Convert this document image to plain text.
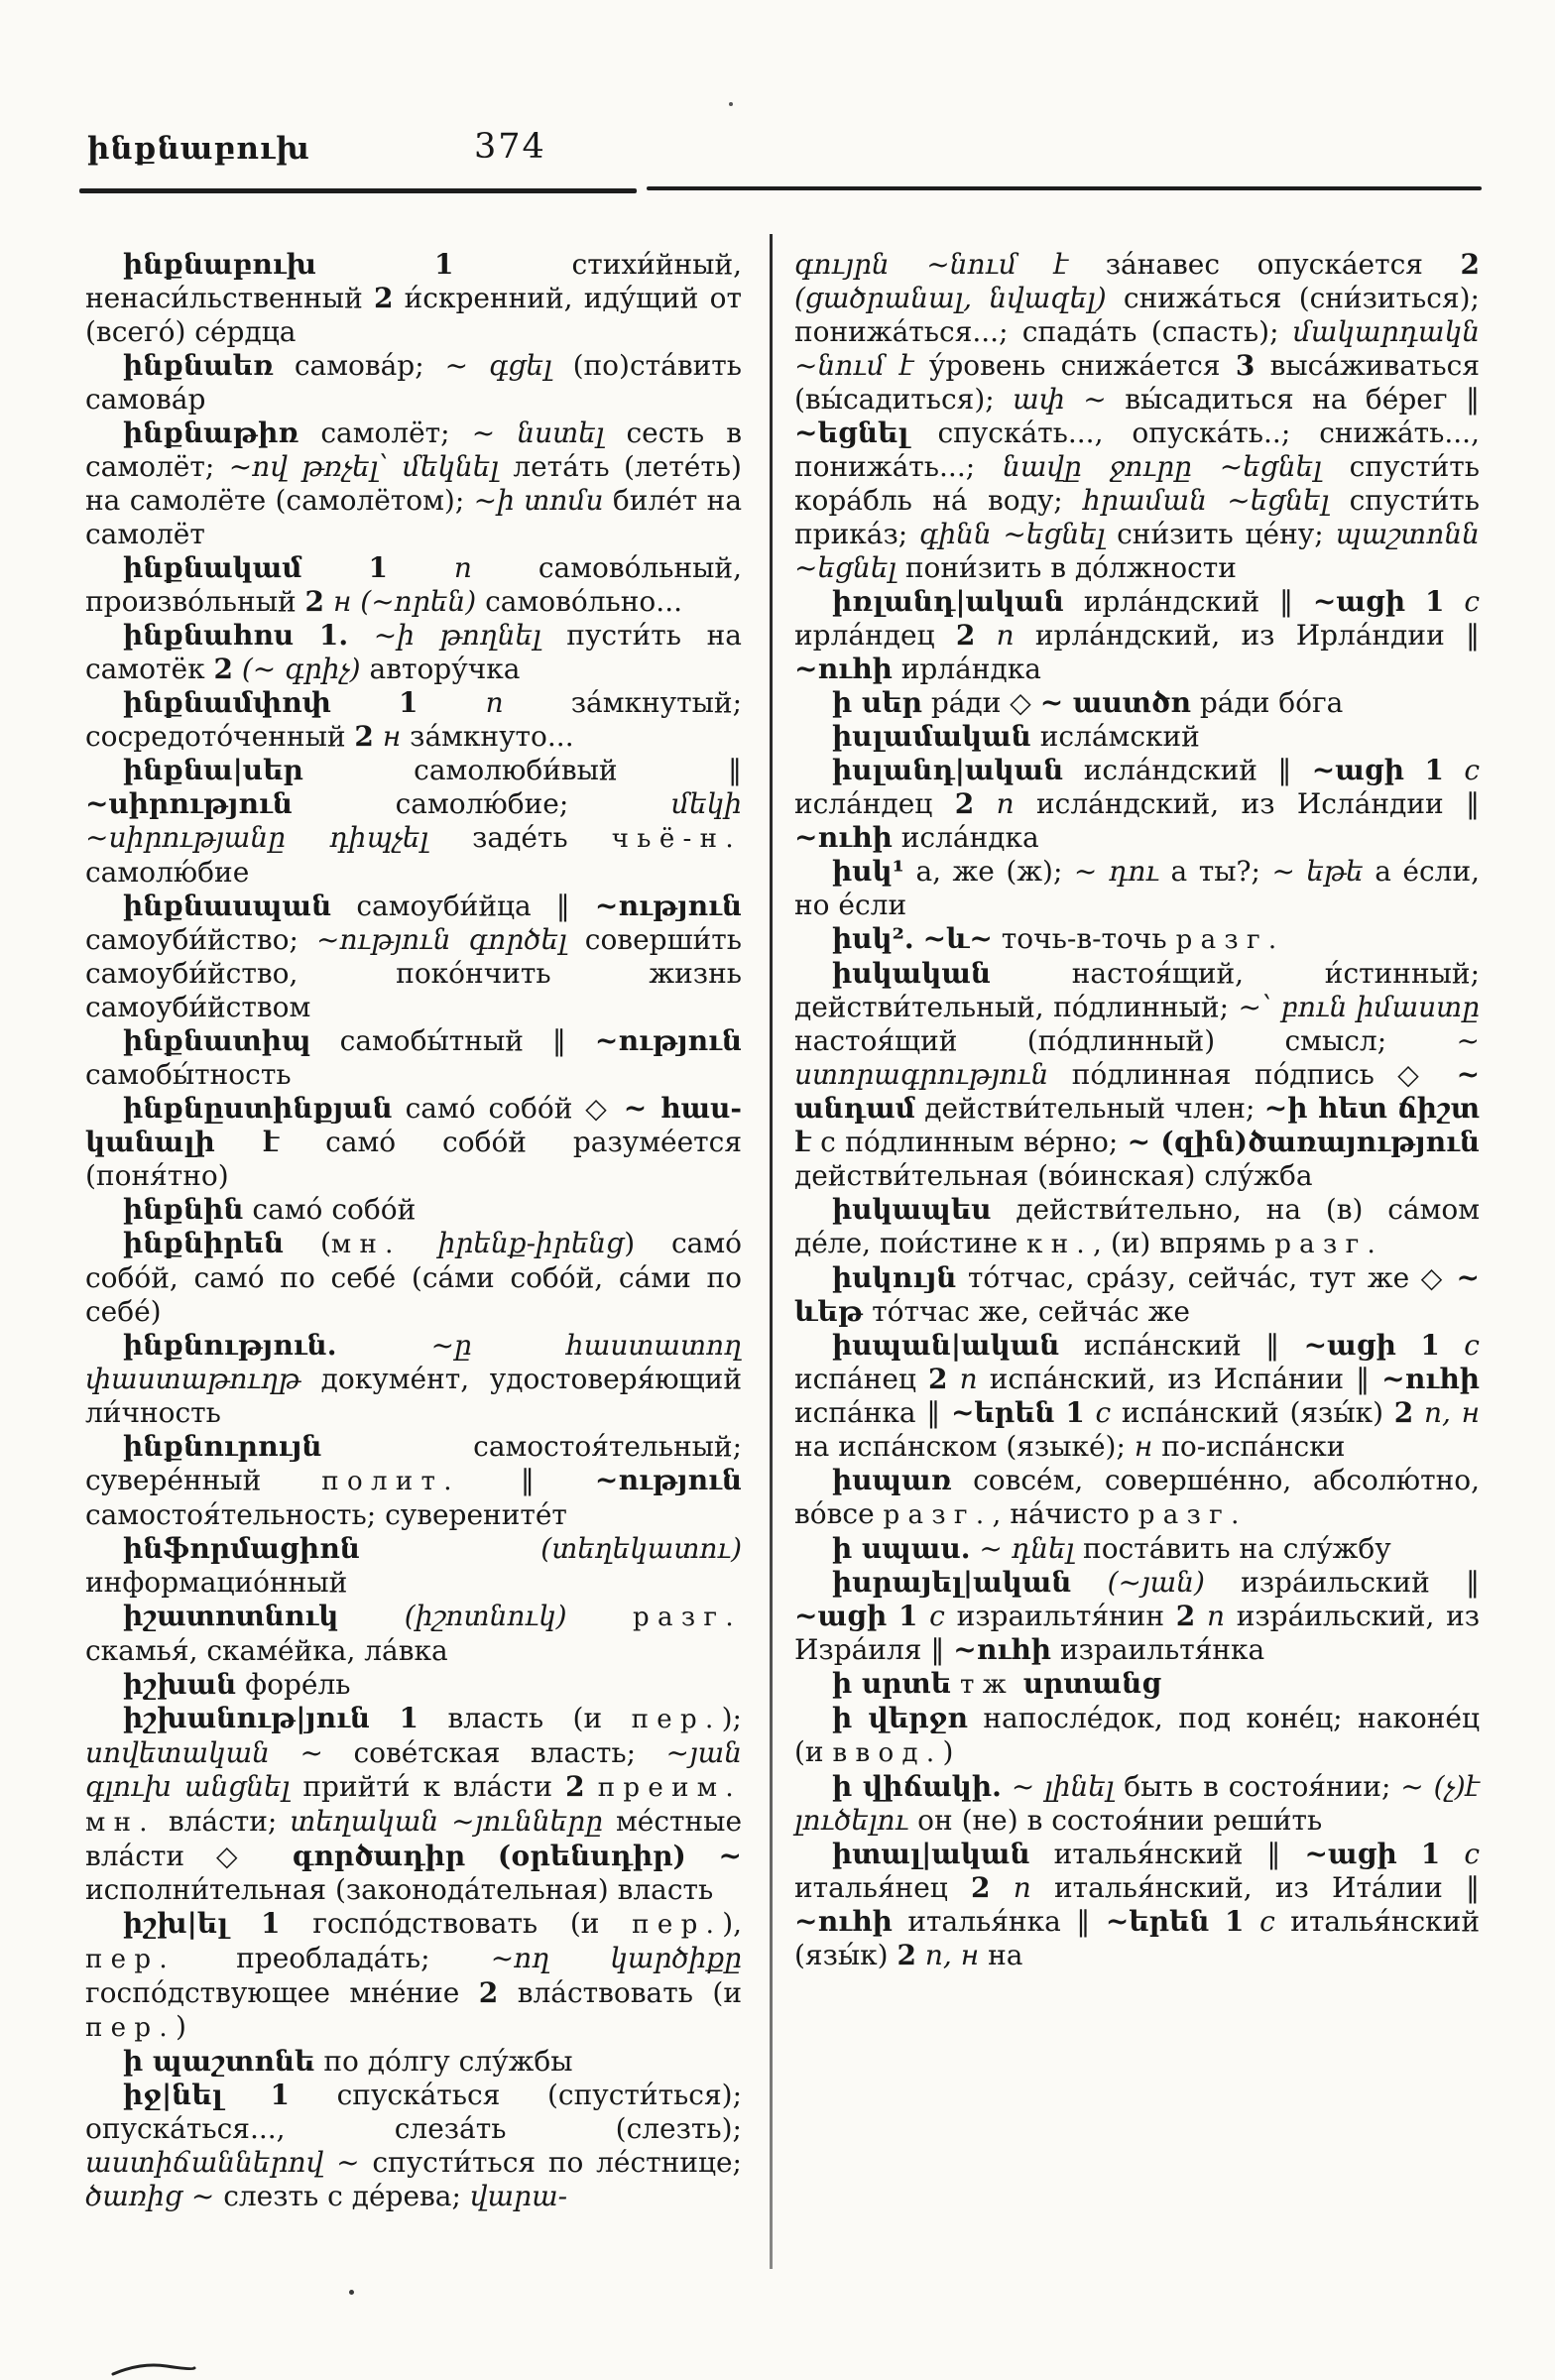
ինքնաբուխ	374

ինքնաբուխ	1	стихи́йный, ненаси́льственный 2 и́скренний, иду́щий от (всего́) се́рдца

ինքնաեռ самова́р; ~ գցել (по)ста́вить самова́р

ինքնաթիռ самолёт; ~ նստել сесть в самолёт; ~ով թռչել՝ մեկնել лета́ть (лете́ть) на самолёте (самолётом); ~ի տոմս биле́т на самолёт

ինքնակամ 1 п самово́льный, произво́льный 2 н (~որեն) самово́льно...

ինքնահոս 1. ~ի թողնել пусти́ть на самотёк 2 (~ գրիչ) автору́чка

ինքնամփոփ 1 п за́мкнутый; сосредото́ченный 2 н за́мкнуто...

ինքնա|սեր	самолюби́вый ‖ ~սիրություն	самолю́бие;	մեկի ~սիրությանը դիպչել заде́ть чьё-н. самолю́бие

ինքնասպան самоуби́йца ‖ ~ություն самоуби́йство; ~ություն գործել соверши́ть самоуби́йство, поко́нчить жизнь самоуби́йством

ինքնատիպ самобы́тный ‖ ~ություն самобы́тность

ինքնըստինքյան само́ собо́й ◇ ~ հասկանալի է само́ собо́й разуме́ется (поня́тно)

ինքնին само́ собо́й

ինքնիրեն (мн. իրենք-իրենց) само́ собо́й, само́ по себе́ (са́ми собо́й, са́ми по себе́)

ինքնություն.	~ը հաստատող փաստաթուղթ докуме́нт, удостоверя́ющий ли́чность

ինքնուրույն	самостоя́тельный; сувере́нный полит. ‖ ~ություն самостоя́тельность; суверените́т

ինֆորմացիոն	(տեղեկատու) информацио́нный

իշատոտնուկ (իշոտնուկ)	разг. скамья́, скаме́йка, ла́вка

իշխան форе́ль

իշխանութ|յուն 1 власть (и пер.); սովետական ~ сове́тская власть; ~յան գլուխ անցնել прийти́ к вла́сти 2 преим. мн. вла́сти; տեղական ~յունները ме́стные вла́сти ◇ գործադիր (օրենսդիր) ~ исполни́тельная (законода́тельная) власть

իշխ|ել 1 госпо́дствовать (и пер.), пер. преоблада́ть; ~ող կարծիքը госпо́дствующее мне́ние 2 вла́ствовать (и пер.)

ի պաշտոնե по до́лгу слу́жбы

իջ|նել 1 спуска́ться (спусти́ться); опуска́ться..., слеза́ть (слезть); աստիճաններով ~ спусти́ться по ле́стнице; ծառից ~ слезть с де́рева; վարա-

գույրն ~նում է за́навес опуска́ется 2 (ցածրանալ, նվազել) снижа́ться (сни́зиться); понижа́ться...; спада́ть (спасть); մակարդակն ~նում է у́ровень снижа́ется 3 выса́живаться (вы́садиться); ափ ~ вы́садиться на бе́рег ‖ ~եցնել спуска́ть..., опуска́ть..; снижа́ть..., понижа́ть...; նավը ջուրը ~եցնել спусти́ть кора́бль на́ воду; հրաման ~եցնել спусти́ть прика́з; գինն ~եցնել сни́зить це́ну; պաշտոնն ~եցնել пони́зить в до́лжности

իռլանդ|ական ирла́ндский ‖ ~ացի 1 с ирла́ндец 2 п ирла́ндский, из Ирла́ндии ‖ ~ուհի ирла́ндка

ի սեր ра́ди ◇ ~ աստծո ра́ди бо́га

իսլամական исла́мский

իսլանդ|ական исла́ндский ‖ ~ացի 1 с исла́ндец 2 п исла́ндский, из Исла́ндии ‖ ~ուհի исла́ндка

իսկ¹ а, же (ж); ~ դու а ты?; ~ եթե а е́сли, но е́сли

իսկ². ~և~ точь-в-точь разг.

իսկական	настоя́щий, и́стинный; действи́тельный, по́длинный; ~՝ բուն իմաստը настоя́щий (по́длинный) смысл;	~ ստորագրություն по́длинная по́дпись ◇ ~ անդամ действи́тельный член; ~ի հետ ճիշտ է с по́длинным ве́рно; ~ (զին)ծառայություն действи́тельная (во́инская) слу́жба

իսկապես действи́тельно, на (в) са́мом де́ле, пои́стине кн., (и) впрямь разг.

իսկույն то́тчас, сра́зу, сейча́с, тут же ◇ ~ ևեթ то́тчас же, сейча́с же

իսպան|ական испа́нский ‖ ~ացի 1 с испа́нец 2 п испа́нский, из Испа́нии ‖ ~ուհի испа́нка ‖ ~երեն 1 с испа́нский (язы́к) 2 п, н на испа́нском (языке́); н по-испа́нски

իսպառ совсе́м, соверше́нно, абсолю́тно, во́все разг., на́чисто разг.

ի սպաս. ~ դնել поста́вить на слу́жбу

իսրայել|ական (~յան) изра́ильский ‖ ~ացի 1 с израильтя́нин 2 п изра́ильский, из Изра́иля ‖ ~ուհի израильтя́нка

ի սրտե тж սրտանց

ի վերջո напосле́док, под коне́ц; наконе́ц (и ввод.)

ի վիճակի. ~ լինել быть в состоя́нии; ~ (չ)է լուծելու он (не) в состоя́нии реши́ть

իտալ|ական италья́нский ‖ ~ացի 1 с италья́нец 2 п италья́нский, из Ита́лии ‖ ~ուհի италья́нка ‖ ~երեն 1 с италья́нский (язы́к) 2 п, н на
